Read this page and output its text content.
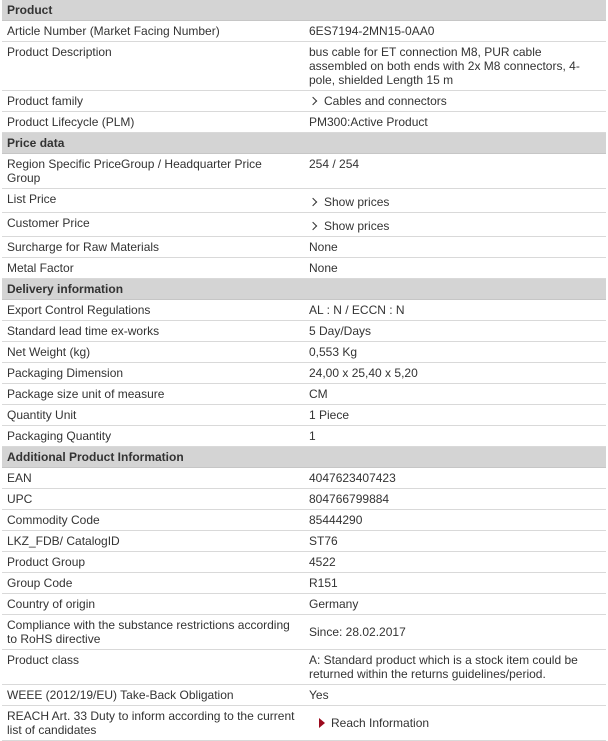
Product	
Article Number (Market Facing Number)	6ES7194-2MN15-0AA0
Product Description	bus cable for ET connection M8, PUR cable assembled on both ends with 2x M8 connectors, 4-pole, shielded Length 15 m
Product family	Cables and connectors
Product Lifecycle (PLM)	PM300:Active Product
Price data	
Region Specific PriceGroup / Headquarter Price Group	254 / 254
List Price	Show prices
Customer Price	Show prices
Surcharge for Raw Materials	None
Metal Factor	None
Delivery information	
Export Control Regulations	AL : N / ECCN : N
Standard lead time ex-works	5 Day/Days
Net Weight (kg)	0,553 Kg
Packaging Dimension	24,00 x 25,40 x 5,20
Package size unit of measure	CM
Quantity Unit	1 Piece
Packaging Quantity	1
Additional Product Information	
EAN	4047623407423
UPC	804766799884
Commodity Code	85444290
LKZ_FDB/ CatalogID	ST76
Product Group	4522
Group Code	R151
Country of origin	Germany
Compliance with the substance restrictions according to RoHS directive	Since: 28.02.2017
Product class	A: Standard product which is a stock item could be returned within the returns guidelines/period.
WEEE (2012/19/EU) Take-Back Obligation	Yes
REACH Art. 33 Duty to inform according to the current list of candidates	Reach Information
